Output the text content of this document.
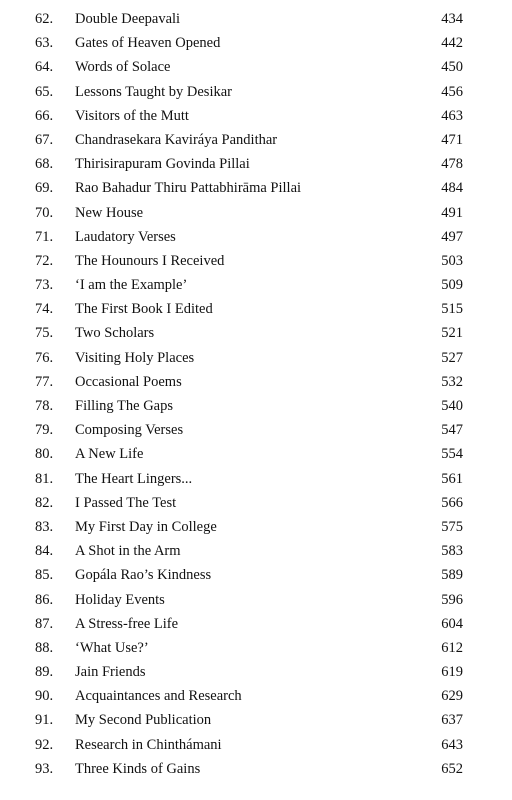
62. Double Deepavali	434
63. Gates of Heaven Opened	442
64. Words of Solace	450
65. Lessons Taught by Desikar	456
66. Visitors of the Mutt	463
67. Chandrasekara Kaviráya Pandithar	471
68. Thirisirapuram Govinda Pillai	478
69. Rao Bahadur Thiru Pattabhirāma Pillai	484
70. New House	491
71. Laudatory Verses	497
72. The Hounours I Received	503
73. ‘I am the Example’	509
74. The First Book I Edited	515
75. Two Scholars	521
76. Visiting Holy Places	527
77. Occasional Poems	532
78. Filling The Gaps	540
79. Composing Verses	547
80. A New Life	554
81. The Heart Lingers...	561
82. I Passed The Test	566
83. My First Day in College	575
84. A Shot in the Arm	583
85. Gopála Rao’s Kindness	589
86. Holiday Events	596
87. A Stress-free Life	604
88. ‘What Use?’	612
89. Jain Friends	619
90. Acquaintances and Research	629
91. My Second Publication	637
92. Research in Chinthámani	643
93. Three Kinds of Gains	652
